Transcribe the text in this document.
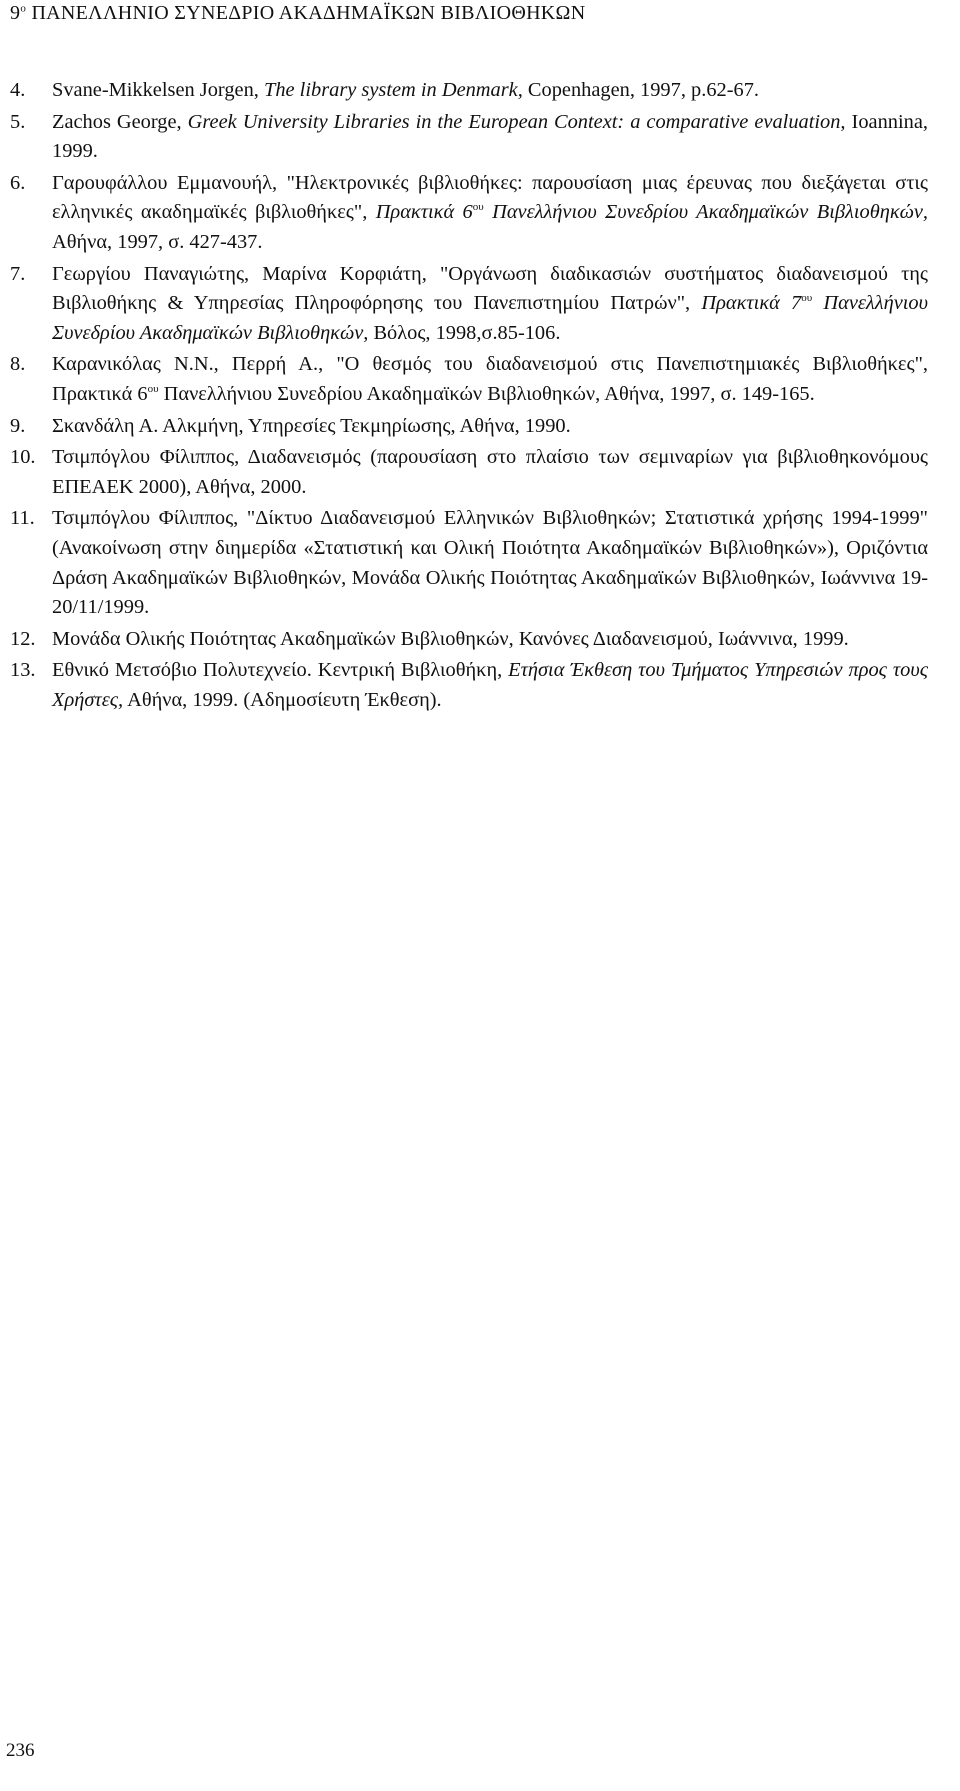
$9^o$ ΠΑΝΕΛΛΗΝΙΟ ΣΥΝΕΔΡΙΟ ΑΚΑΔΗΜΑΪΚΩΝ ΒΙΒΛΙΟΘΗΚΩΝ
4. Svane-Mikkelsen Jorgen, The library system in Denmark, Copenhagen, 1997, p.62-67.
5. Zachos George, Greek University Libraries in the European Context: a comparative evaluation, Ioannina, 1999.
6. Γαρουφάλλου Εμμανουήλ, "Ηλεκτρονικές βιβλιοθήκες: παρουσίαση μιας έρευνας που διεξάγεται στις ελληνικές ακαδημαϊκές βιβλιοθήκες", Πρακτικά $6^{o\upsilon}$ Πανελλήνιου Συνεδρίου Ακαδημαϊκών Βιβλιοθηκών, Αθήνα, 1997, σ. 427-437.
7. Γεωργίου Παναγιώτης, Μαρίνα Κορφιάτη, "Οργάνωση διαδικασιών συστήματος διαδανεισμού της Βιβλιοθήκης & Υπηρεσίας Πληροφόρησης του Πανεπιστημίου Πατρών", Πρακτικά $7^{o\upsilon}$ Πανελλήνιου Συνεδρίου Ακαδημαϊκών Βιβλιοθηκών, Βόλος, 1998,σ.85-106.
8. Καρανικόλας Ν.Ν., Περρή Α., "Ο θεσμός του διαδανεισμού στις Πανεπιστημιακές Βιβλιοθήκες", Πρακτικά $6^{o\upsilon}$ Πανελλήνιου Συνεδρίου Ακαδημαϊκών Βιβλιοθηκών, Αθήνα, 1997, σ. 149-165.
9. Σκανδάλη Α. Αλκμήνη, Υπηρεσίες Τεκμηρίωσης, Αθήνα, 1990.
10. Τσιμπόγλου Φίλιππος, Διαδανεισμός (παρουσίαση στο πλαίσιο των σεμιναρίων για βιβλιοθηκονόμους ΕΠΕΑΕΚ 2000), Αθήνα, 2000.
11. Τσιμπόγλου Φίλιππος, "Δίκτυο Διαδανεισμού Ελληνικών Βιβλιοθηκών; Στατιστικά χρήσης 1994-1999" (Ανακοίνωση στην διημερίδα «Στατιστική και Ολική Ποιότητα Ακαδημαϊκών Βιβλιοθηκών»), Οριζόντια Δράση Ακαδημαϊκών Βιβλιοθηκών, Μονάδα Ολικής Ποιότητας Ακαδημαϊκών Βιβλιοθηκών, Ιωάννινα 19-20/11/1999.
12. Μονάδα Ολικής Ποιότητας Ακαδημαϊκών Βιβλιοθηκών, Κανόνες Διαδανεισμού, Ιωάννινα, 1999.
13. Εθνικό Μετσόβιο Πολυτεχνείο. Κεντρική Βιβλιοθήκη, Ετήσια Έκθεση του Τμήματος Υπηρεσιών προς τους Χρήστες, Αθήνα, 1999. (Αδημοσίευτη Έκθεση).
236
